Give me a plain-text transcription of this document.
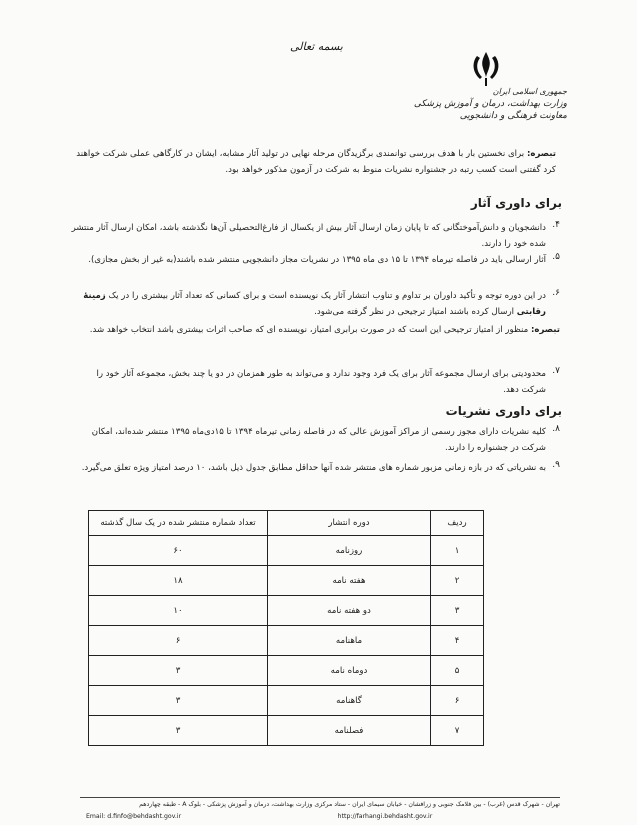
بسمه تعالی
جمهوری اسلامی ایران
وزارت بهداشت، درمان و آموزش پزشکی
معاونت فرهنگی و دانشجویی
تبصره: برای نخستین بار با هدف بررسی توانمندی برگزیدگان مرحله نهایی در تولید آثار مشابه، ایشان در کارگاهی عملی شرکت خواهند کرد گفتنی است کسب رتبه در جشنواره نشریات منوط به شرکت در آزمون مذکور خواهد بود.
برای داوری آثار
دانشجویان و دانش‌آموختگانی که تا پایان زمان ارسال آثار بیش از یکسال از فارغ‌التحصیلی آن‌ها نگذشته باشد، امکان ارسال آثار منتشر شده خود را دارند.
۴.
آثار ارسالی باید در فاصله تیرماه ۱۳۹۴ تا ۱۵ دی ماه ۱۳۹۵ در نشریات مجاز دانشجویی منتشر شده باشند(به غیر از بخش مجازی). ۵.
در این دوره توجه و تأکید داوران بر تداوم و تناوب انتشار آثار یک نویسنده است و برای کسانی که تعداد آثار بیشتری را در یک زمینهٔ رقابتی ارسال کرده باشند امتیاز ترجیحی در نظر گرفته می‌شود.
۶.
تبصره: منظور از امتیاز ترجیحی این است که در صورت برابری امتیاز، نویسنده ای که صاحب اثرات بیشتری باشد انتخاب خواهد شد.
محدودیتی برای ارسال مجموعه آثار برای یک فرد وجود ندارد و می‌تواند به طور همزمان در دو یا چند بخش، مجموعه آثار خود را شرکت دهد.
۷.
برای داوری نشریات
کلیه نشریات دارای مجوز رسمی از مراکز آموزش عالی که در فاصله زمانی تیرماه ۱۳۹۴ تا ۱۵دی‌ماه ۱۳۹۵ منتشر شده‌اند، امکان شرکت در جشنواره را دارند.
۸.
به نشریاتی که در بازه زمانی مزبور شماره های منتشر شده آنها حداقل مطابق جدول ذیل باشد، ۱۰ درصد امتیاز ویژه تعلق می‌گیرد. ۹.
ردیف	دوره انتشار	تعداد شماره منتشر شده در یک سال گذشته
۱	روزنامه	۶۰
۲	هفته نامه	۱۸
۳	دو هفته نامه	۱۰
۴	ماهنامه	۶
۵	دوماه نامه	۳
۶	گاهنامه	۳
۷	فصلنامه	۳
تهران - شهرک قدس (غرب) - بین فلامک جنوبی و زرافشان - خیابان سیمای ایران - ستاد مرکزی وزارت بهداشت، درمان و آموزش پزشکی - بلوک A - طبقه چهاردهم
http://farhangi.behdasht.gov.ir
Email: d.finfo@behdasht.gov.ir
